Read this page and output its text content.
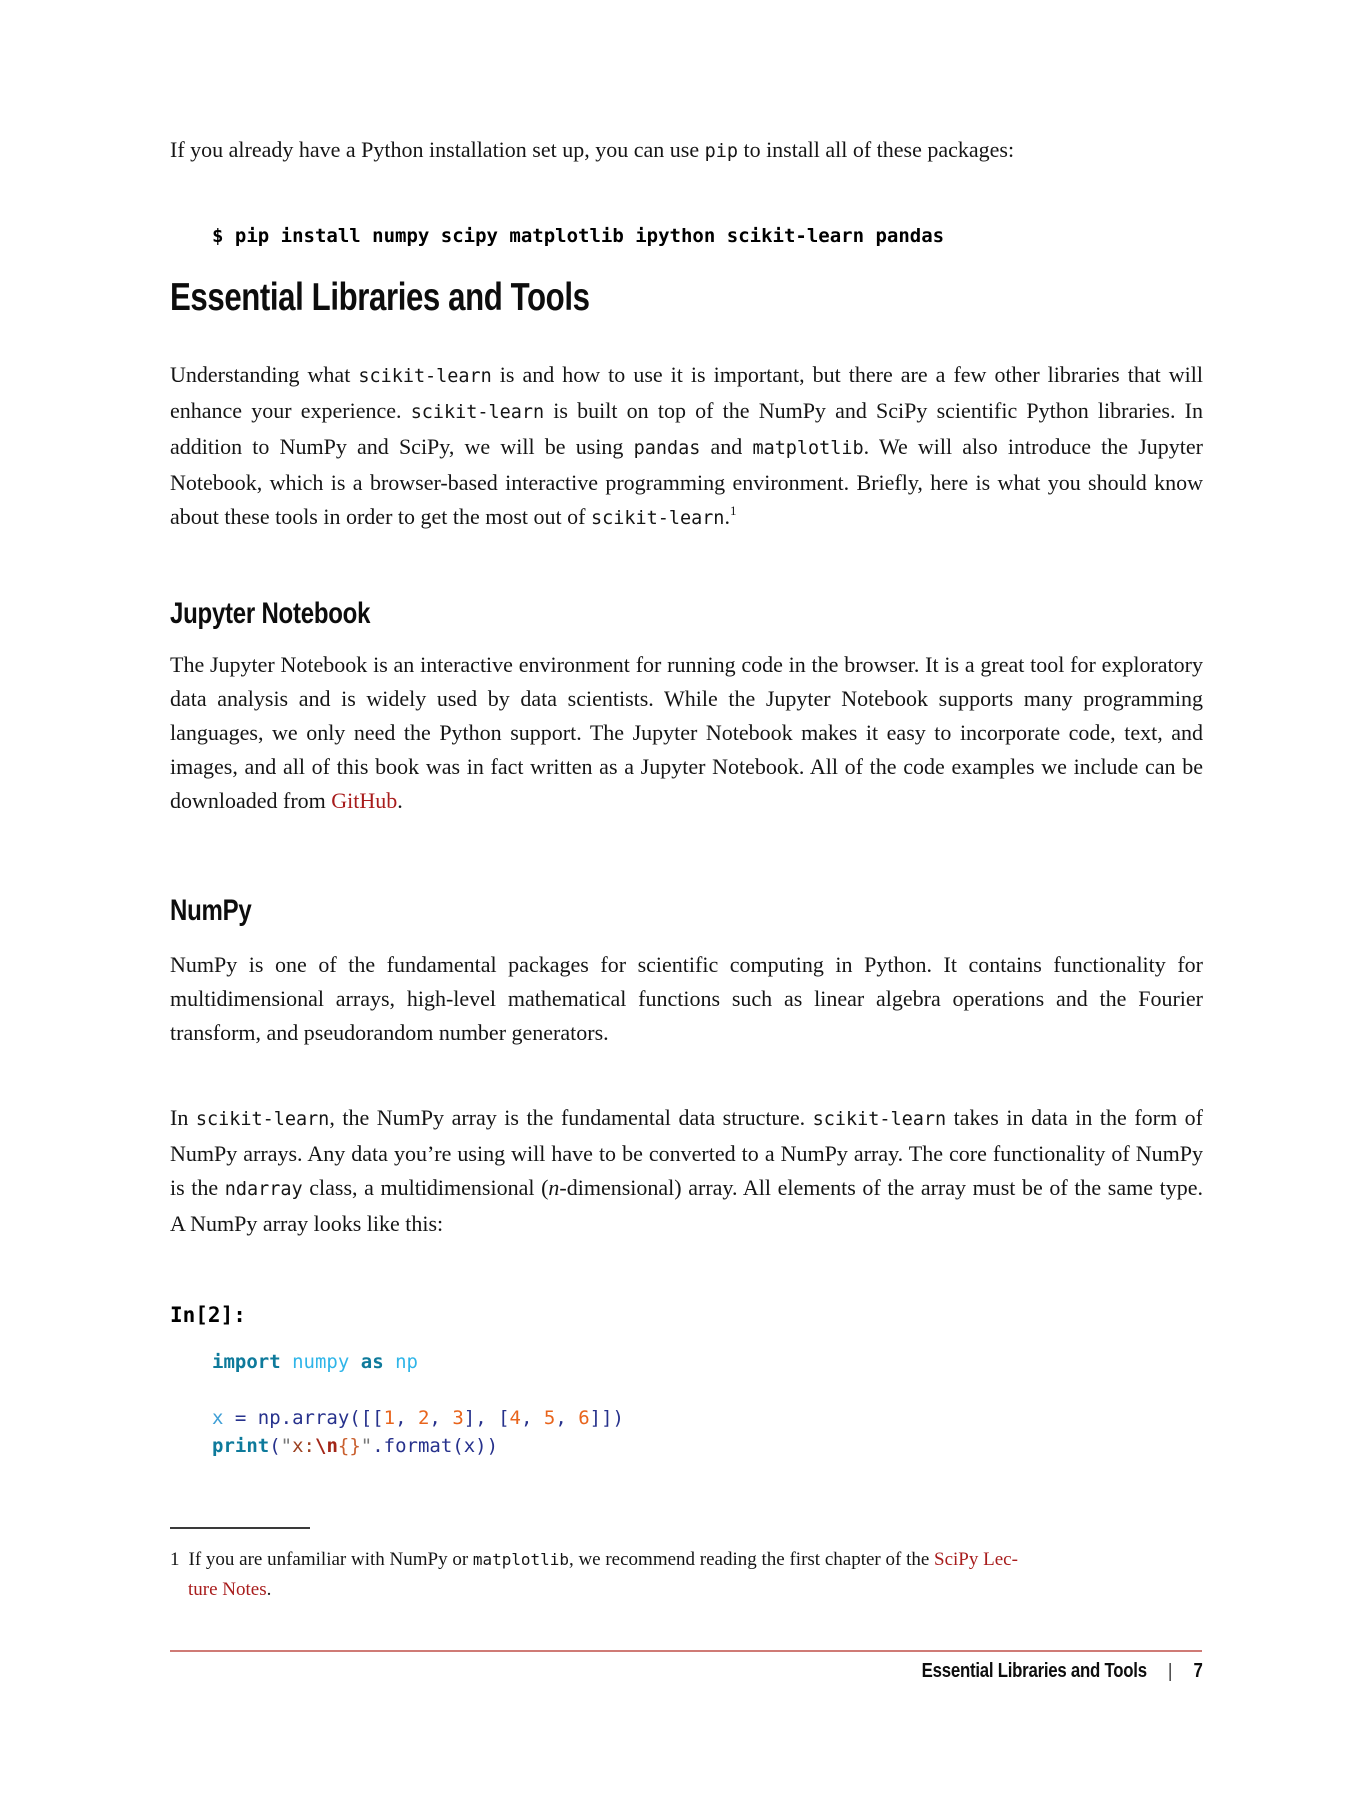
If you already have a Python installation set up, you can use pip to install all of these packages:

$ pip install numpy scipy matplotlib ipython scikit-learn pandas
Essential Libraries and Tools

Understanding what scikit-learn is and how to use it is important, but there are a few other libraries that will enhance your experience. scikit-learn is built on top of the NumPy and SciPy scientific Python libraries. In addition to NumPy and SciPy, we will be using pandas and matplotlib. We will also introduce the Jupyter Notebook, which is a browser-based interactive programming environment. Briefly, here is what you should know about these tools in order to get the most out of scikit-learn.$^1$

Jupyter Notebook

The Jupyter Notebook is an interactive environment for running code in the browser. It is a great tool for exploratory data analysis and is widely used by data scientists. While the Jupyter Notebook supports many programming languages, we only need the Python support. The Jupyter Notebook makes it easy to incorporate code, text, and images, and all of this book was in fact written as a Jupyter Notebook. All of the code examples we include can be downloaded from GitHub.

NumPy

NumPy is one of the fundamental packages for scientific computing in Python. It contains functionality for multidimensional arrays, high-level mathematical functions such as linear algebra operations and the Fourier transform, and pseudorandom number generators.

In scikit-learn, the NumPy array is the fundamental data structure. scikit-learn takes in data in the form of NumPy arrays. Any data you’re using will have to be converted to a NumPy array. The core functionality of NumPy is the ndarray class, a multidimensional (n-dimensional) array. All elements of the array must be of the same type. A NumPy array looks like this:

In[2]:
import numpy as np

x = np.array([[1, 2, 3], [4, 5, 6]])
print("x:\n{}".format(x))
1 If you are unfamiliar with NumPy or matplotlib, we recommend reading the first chapter of the SciPy Lec-
ture Notes.
Essential Libraries and Tools | 7
